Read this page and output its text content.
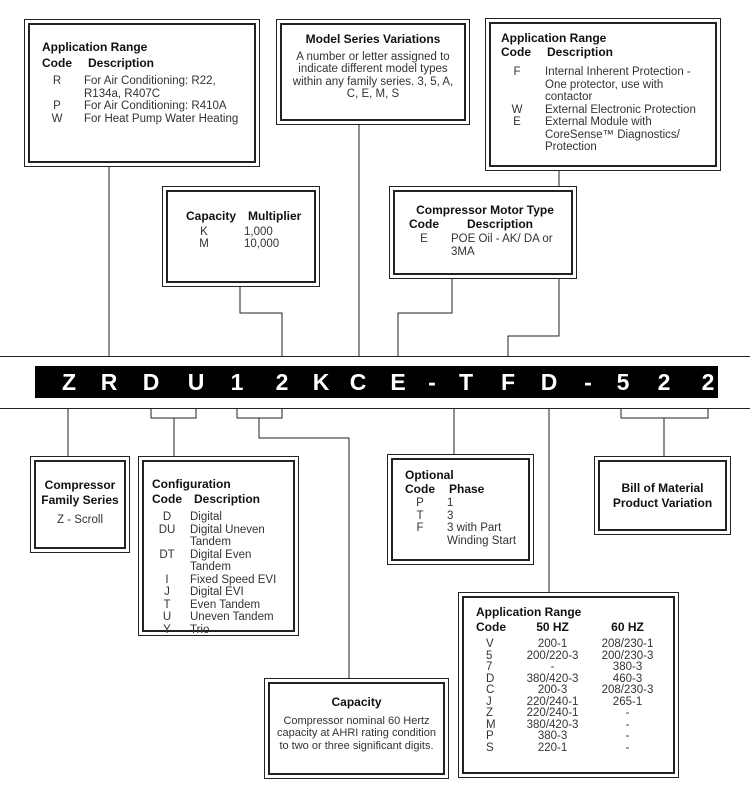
Z R D U 1 2 K C E - T F D - 5 2 2
Application Range
Code	Description
R	For Air Conditioning: R22, R134a, R407C
P	For Air Conditioning: R410A
W	For Heat Pump Water Heating
Model Series Variations
A number or letter assigned to indicate different model types within any family series. 3, 5, A, C, E, M, S
Application Range
Code	Description
F	Internal Inherent Protection - One protector, use with contactor
W	External Electronic Protection
E	External Module with CoreSense™ Diagnostics/ Protection
Capacity Multiplier
K	1,000
M	10,000
Compressor Motor Type
Code	Description
E	POE Oil - AK/ DA or 3MA
Compressor Family Series
Z - Scroll
Configuration
Code	Description
D	Digital
DU	Digital Uneven Tandem
DT	Digital Even Tandem
I	Fixed Speed EVI
J	Digital EVI
T	Even Tandem
U	Uneven Tandem
Y	Trio
Optional
Code	Phase
P	1
T	3
F	3 with Part Winding Start
Bill of Material Product Variation
Capacity
Compressor nominal 60 Hertz capacity at AHRI rating condition to two or three significant digits.
Application Range
Code	50 HZ	60 HZ
V	200-1	208/230-1
5	200/220-3	200/230-3
7	-	380-3
D	380/420-3	460-3
C	200-3	208/230-3
J	220/240-1	265-1
Z	220/240-1	-
M	380/420-3	-
P	380-3	-
S	220-1	-
